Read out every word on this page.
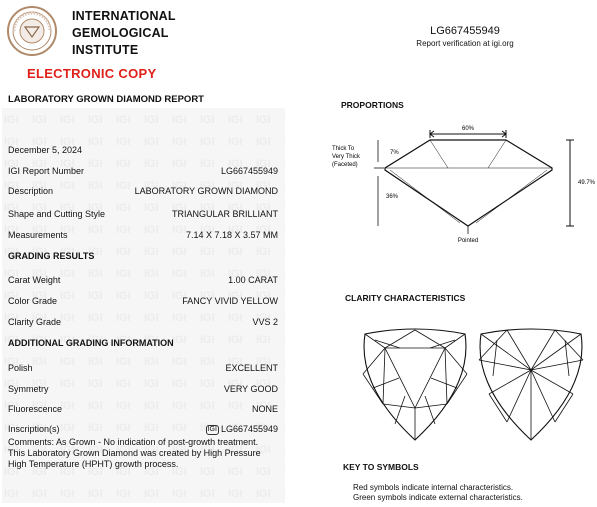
INTERNATIONAL
GEMOLOGICAL
INSTITUTE
ELECTRONIC COPY
LABORATORY GROWN DIAMOND REPORT
LG667455949
Report verification at igi.org
December 5, 2024
IGI Report Number	LG667455949
Description	LABORATORY GROWN DIAMOND
Shape and Cutting Style	TRIANGULAR BRILLIANT
Measurements	7.14 X 7.18 X 3.57 MM
GRADING RESULTS
Carat Weight	1.00 CARAT
Color Grade	FANCY VIVID YELLOW
Clarity Grade	VVS 2
ADDITIONAL GRADING INFORMATION
Polish	EXCELLENT
Symmetry	VERY GOOD
Fluorescence	NONE
Inscription(s)	IGI LG667455949
Comments: As Grown - No indication of post-growth treatment.
This Laboratory Grown Diamond was created by High Pressure High Temperature (HPHT) growth process.
PROPORTIONS
60%
Thick To
Very Thick
(Faceted)
7%
36%
49.7%
Pointed
CLARITY CHARACTERISTICS
KEY TO SYMBOLS
Red symbols indicate internal characteristics.
Green symbols indicate external characteristics.
